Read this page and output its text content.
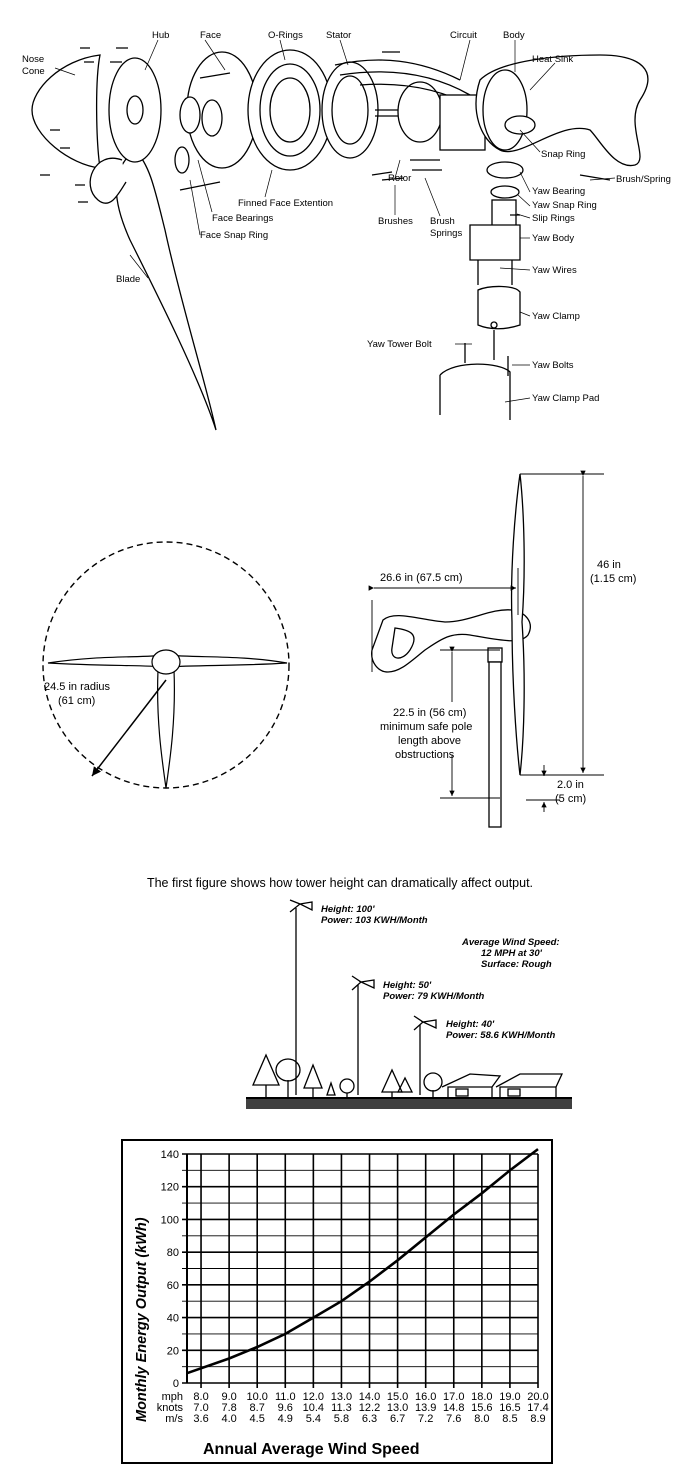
Nose
Cone
Hub	Face	O-Rings Stator	Circuit	Body
Heat Sink
Snap Ring
Brush/Spring
Yaw Bearing
Yaw Snap Ring
Slip Rings
Yaw Body
Yaw Wires
Yaw Clamp
Yaw Tower Bolt
Yaw Bolts
Yaw Clamp Pad
Rotor
Brushes Brush
Springs
Finned Face Extention
Face Bearings
Face Snap Ring
Blade
24.5 in radius
(61 cm)
26.6 in (67.5 cm)
46 in
(1.15 cm)
22.5 in (56 cm)
minimum safe pole
length above
obstructions
2.0 in
(5 cm)
The first figure shows how tower height can dramatically affect output.
Height: 100'
Power: 103 KWH/Month
Height: 50'
Power: 79 KWH/Month
Height: 40'
Power: 58.6 KWH/Month
Average Wind Speed:
12 MPH at 30'
Surface: Rough
0
20
40
60
80
100
120
140
mph 8.0 9.0 10.0 11.0 12.0 13.0 14.0 15.0 16.0 17.0 18.0 19.0 20.0
knots 7.0 7.8 8.7 9.6 10.4 11.3 12.2 13.0 13.9 14.8 15.6 16.5 17.4
m/s 3.6 4.0 4.5 4.9 5.4 5.8 6.3 6.7 7.2 7.6 8.0 8.5 8.9
Monthly Energy Output (kWh)
Annual Average Wind Speed
